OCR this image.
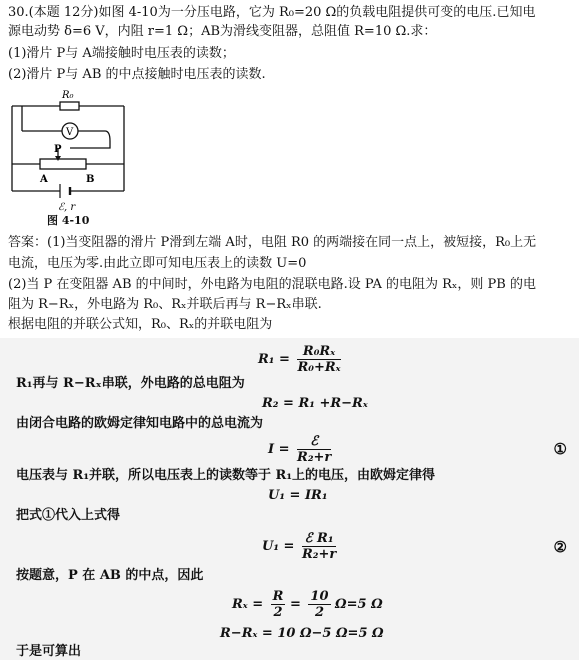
30.(本题 12分)如图 4-10为一分压电路，它为 R₀=20 Ω的负载电阻提供可变的电压.已知电
源电动势 δ=6 V，内阻 r=1 Ω；AB为滑线变阻器，总阻值 R=10 Ω.求：
(1)滑片 P与 A端接触时电压表的读数；
(2)滑片 P与 AB 的中点接触时电压表的读数.
R₀
V
P
A	B
ℰ, r
图 4-10
答案：(1)当变阻器的滑片 P滑到左端 A时，电阻 R0 的两端接在同一点上，被短接，R₀上无
电流，电压为零.由此立即可知电压表上的读数 U=0
(2)当 P 在变阻器 AB 的中间时，外电路为电阻的混联电路.设 PA 的电阻为 Rₓ，则 PB 的电
阻为 R−Rₓ，外电路为 R₀、Rₓ并联后再与 R−Rₓ串联.
根据电阻的并联公式知，R₀、Rₓ的并联电阻为
$R_1 = \frac{\text{R₀Rₓ}}{\text{R₀+Rₓ}}$
R₁再与 R−Rₓ串联，外电路的总电阻为
R₂ = R₁ +R−Rₓ
由闭合电路的欧姆定律知电路中的总电流为
$I = \frac{\text{ℰ}}{\text{R₂+r}}$	①
电压表与 R₁并联，所以电压表上的读数等于 R₁上的电压，由欧姆定律得
U₁ = IR₁
把式①代入上式得
$U_1 = \frac{\text{ℰ R₁}}{\text{R₂+r}}$	②
按题意，P 在 AB 的中点，因此
$R_x = \frac{R}{2} = \frac{10}{2} \Omega=5$ Ω
R−Rₓ = 10 Ω−5 Ω=5 Ω
于是可算出
